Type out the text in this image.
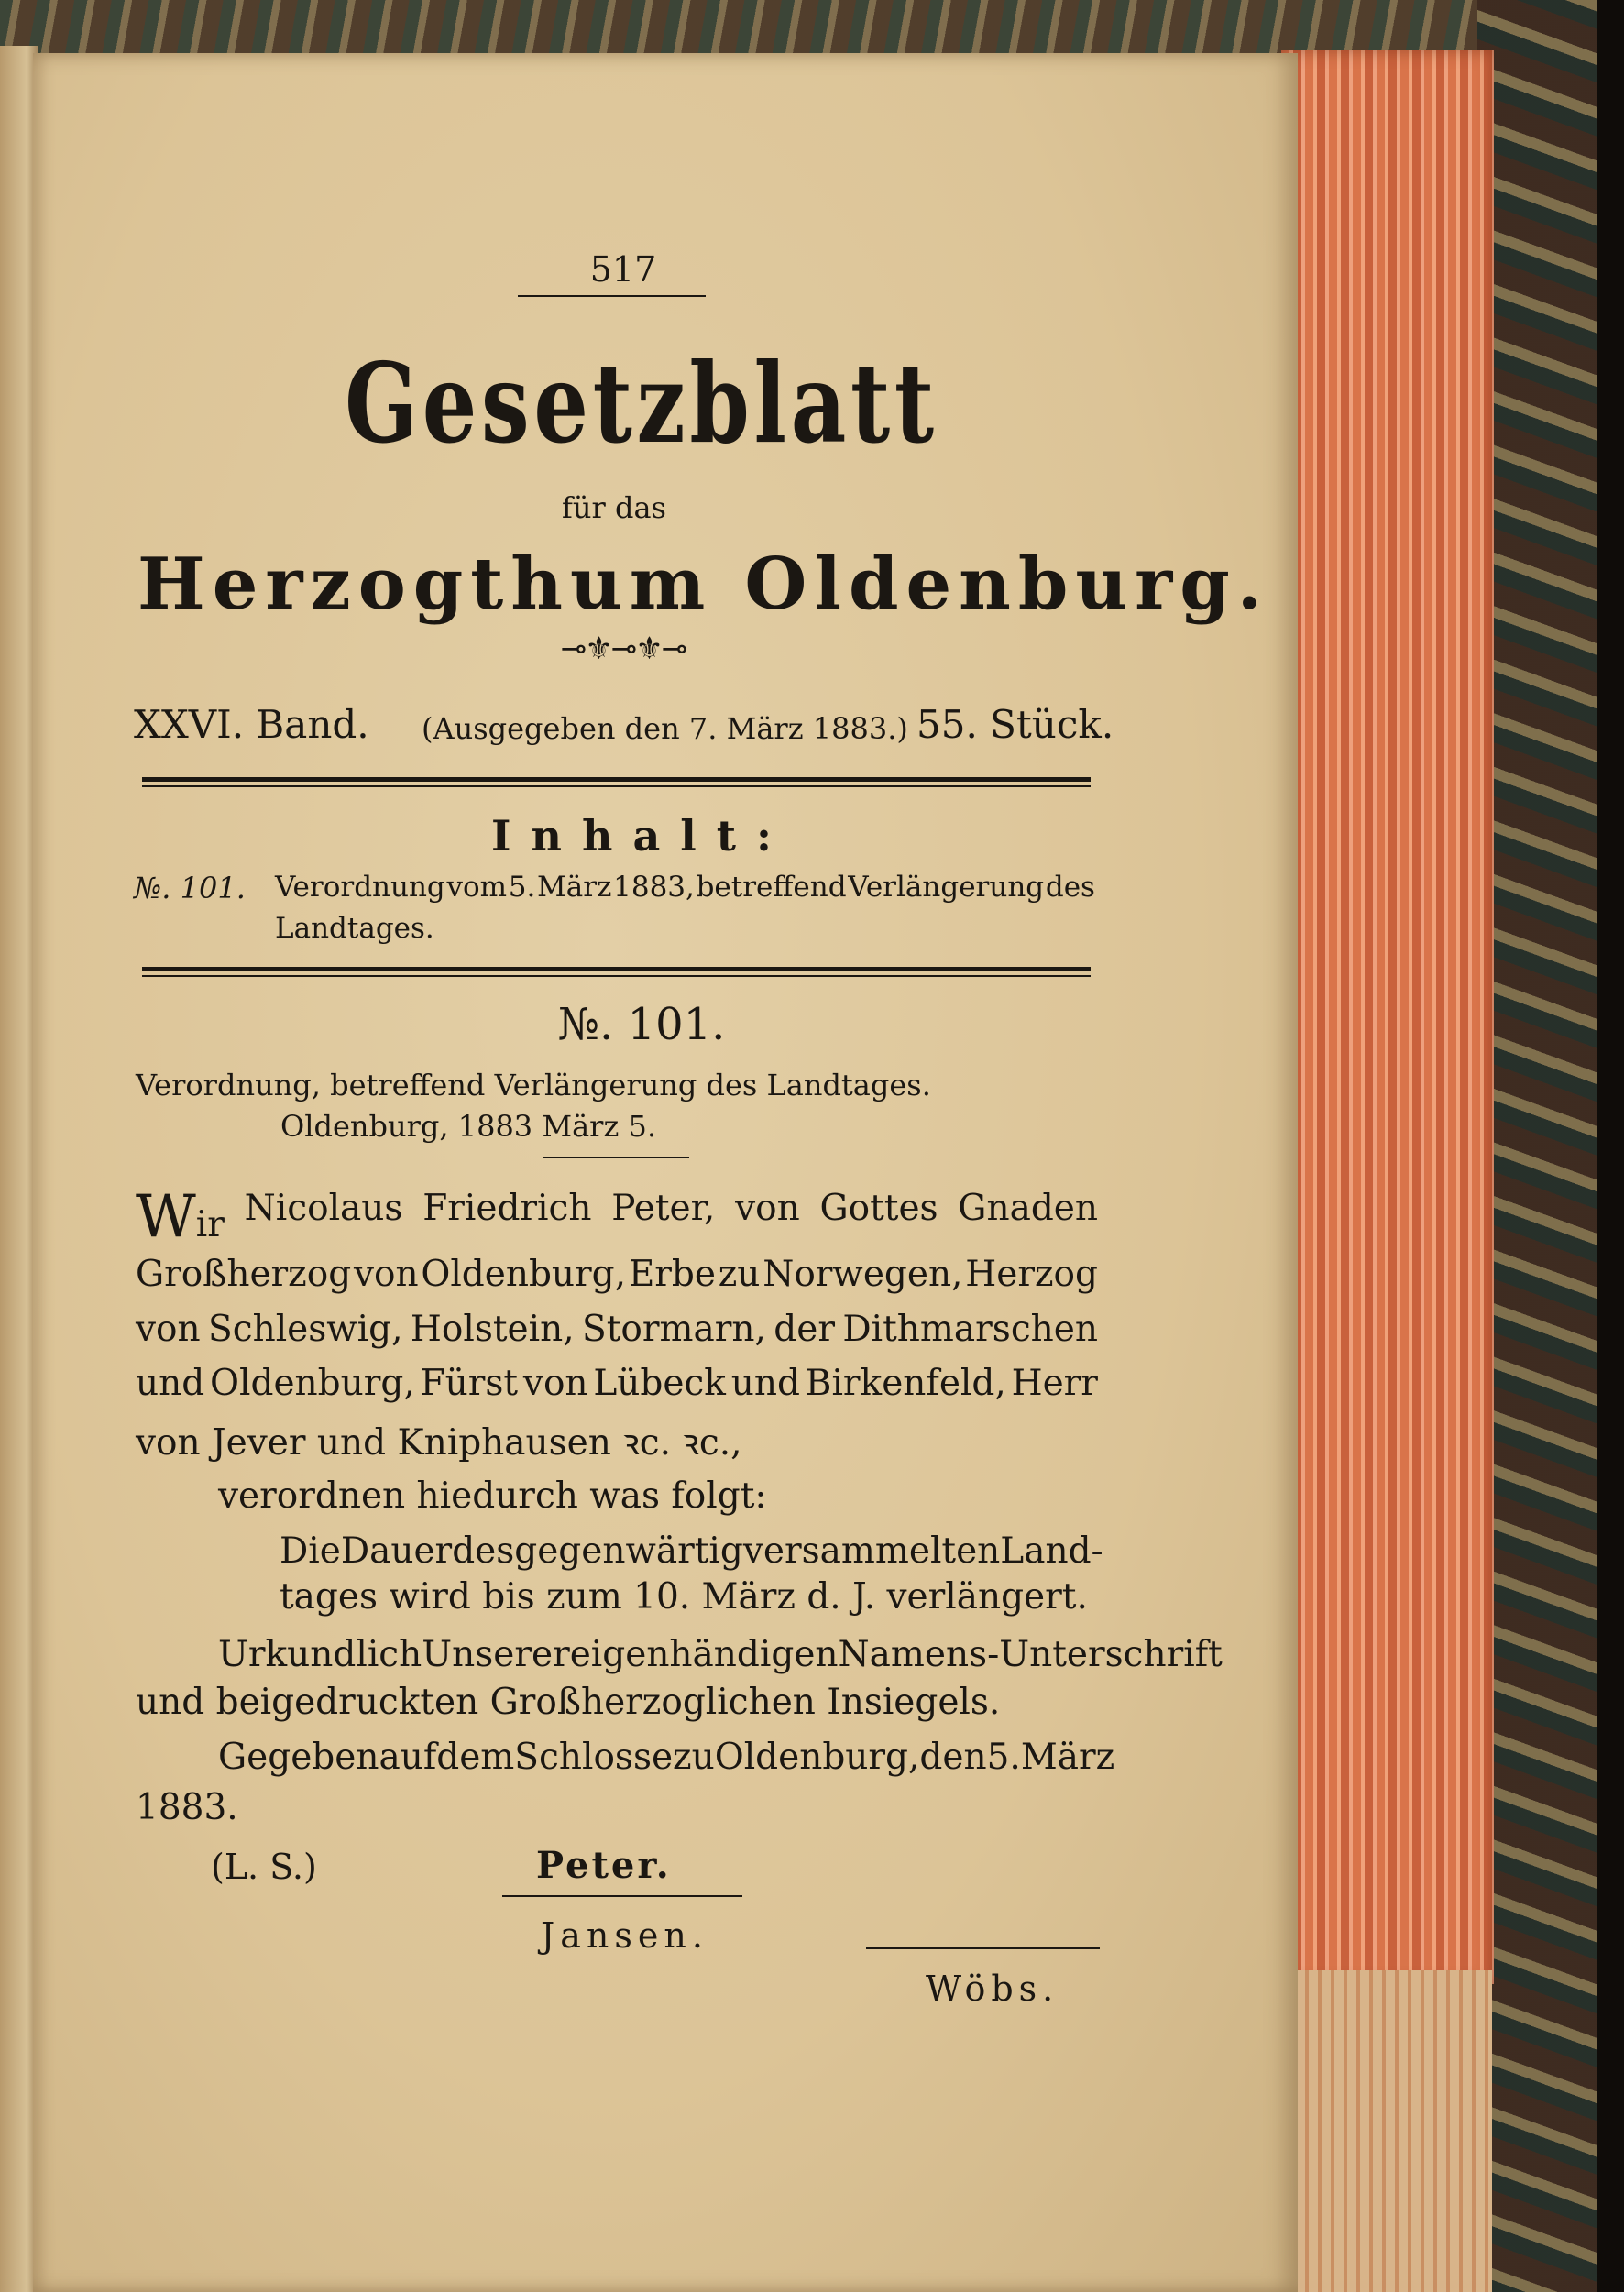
517
Gesetzblatt
für das
Herzogthum Oldenburg.
⊸⚜⊸⚜⊸
XXVI. Band. (Ausgegeben den 7. März 1883.) 55. Stück.
Inhalt:
№. 101. Verordnung vom 5. März 1883, betreffend Verlängerung des
Landtages.
№. 101.
Verordnung, betreffend Verlängerung des Landtages.
Oldenburg, 1883 März 5.
Wir Nicolaus Friedrich Peter, von Gottes Gnaden
Großherzog von Oldenburg, Erbe zu Norwegen, Herzog
von Schleswig, Holstein, Stormarn, der Dithmarschen
und Oldenburg, Fürst von Lübeck und Birkenfeld, Herr
von Jever und Kniphausen ꝛc. ꝛc.,
verordnen hiedurch was folgt:
Die Dauer des gegenwärtig versammelten Land-
tages wird bis zum 10. März d. J. verlängert.
Urkundlich Unserer eigenhändigen Namens-Unterschrift
und beigedruckten Großherzoglichen Insiegels.
Gegeben auf dem Schlosse zu Oldenburg, den 5. März
1883.
(L. S.)	Peter.
Jansen.
Wöbs.
